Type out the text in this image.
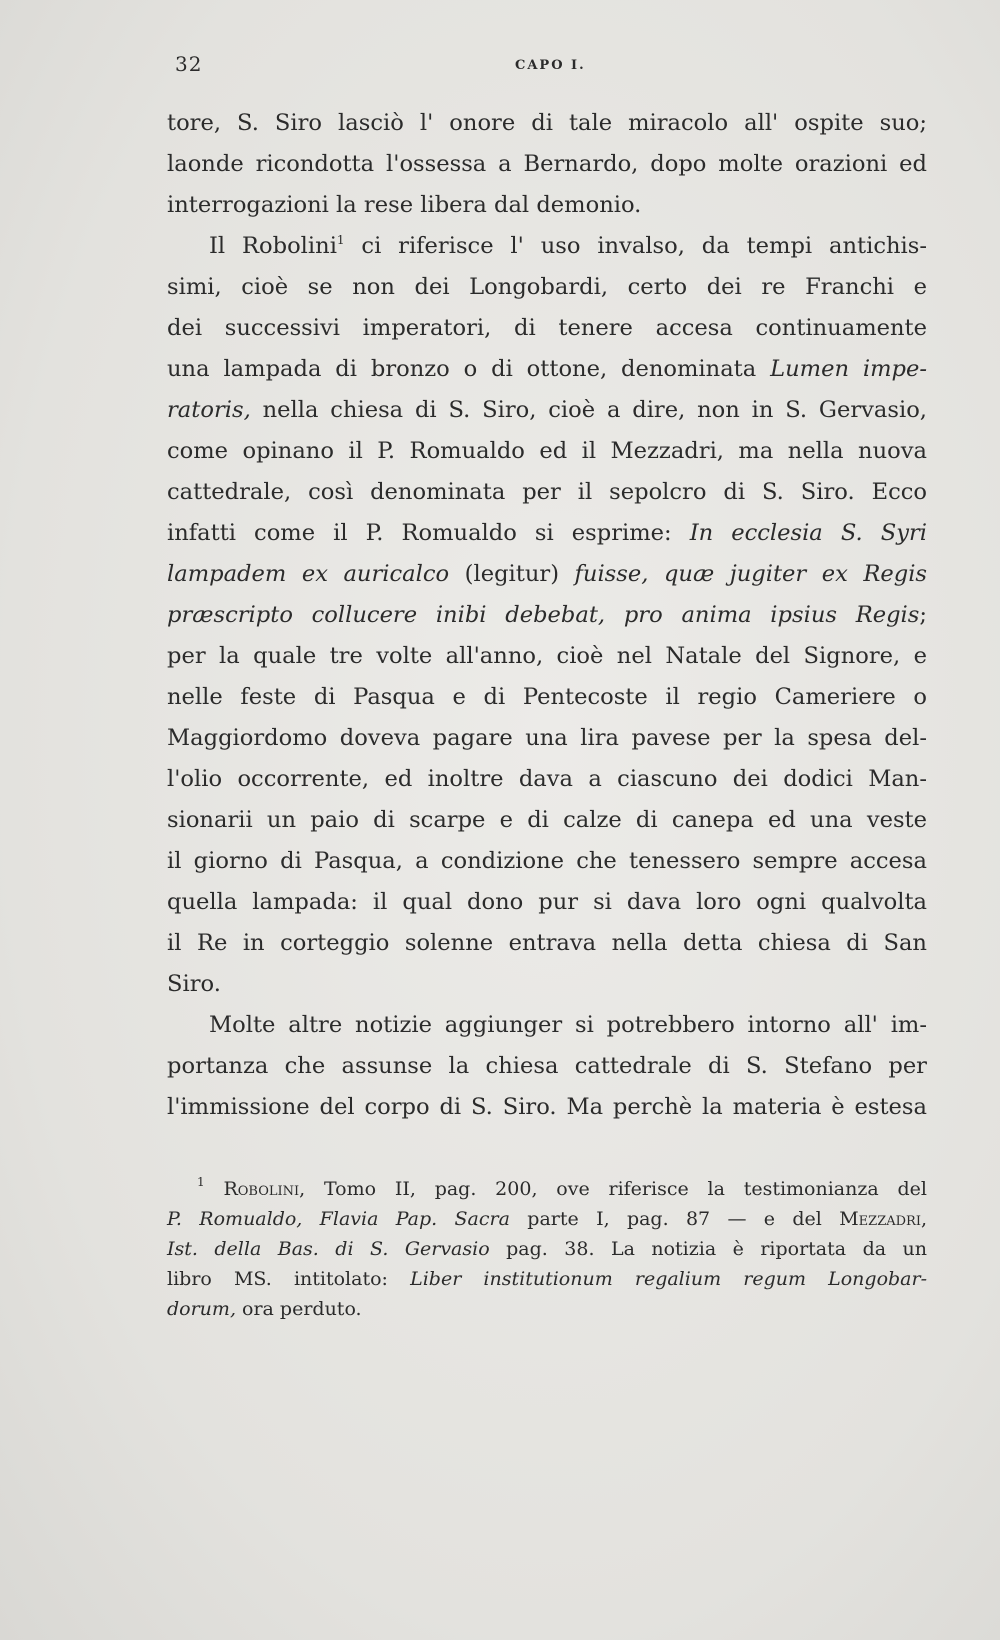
32	CAPO I.
tore, S. Siro lasciò l' onore di tale miracolo all' ospite suo;
laonde ricondotta l'ossessa a Bernardo, dopo molte orazioni ed
interrogazioni la rese libera dal demonio.
Il Robolini$^1$ ci riferisce l' uso invalso, da tempi antichis-
simi, cioè se non dei Longobardi, certo dei re Franchi e
dei successivi imperatori, di tenere accesa continuamente
una lampada di bronzo o di ottone, denominata Lumen impe-
ratoris, nella chiesa di S. Siro, cioè a dire, non in S. Gervasio,
come opinano il P. Romualdo ed il Mezzadri, ma nella nuova
cattedrale, così denominata per il sepolcro di S. Siro. Ecco
infatti come il P. Romualdo si esprime: In ecclesia S. Syri
lampadem ex auricalco (legitur) fuisse, quæ jugiter ex Regis
præscripto collucere inibi debebat, pro anima ipsius Regis;
per la quale tre volte all'anno, cioè nel Natale del Signore, e
nelle feste di Pasqua e di Pentecoste il regio Cameriere o
Maggiordomo doveva pagare una lira pavese per la spesa del-
l'olio occorrente, ed inoltre dava a ciascuno dei dodici Man-
sionarii un paio di scarpe e di calze di canepa ed una veste
il giorno di Pasqua, a condizione che tenessero sempre accesa
quella lampada: il qual dono pur si dava loro ogni qualvolta
il Re in corteggio solenne entrava nella detta chiesa di San
Siro.
Molte altre notizie aggiunger si potrebbero intorno all' im-
portanza che assunse la chiesa cattedrale di S. Stefano per
l'immissione del corpo di S. Siro. Ma perchè la materia è estesa
$^1$ Robolini, Tomo II, pag. 200, ove riferisce la testimonianza del
P. Romualdo, Flavia Pap. Sacra parte I, pag. 87 — e del Mezzadri,
Ist. della Bas. di S. Gervasio pag. 38. La notizia è riportata da un
libro MS. intitolato: Liber institutionum regalium regum Longobar-
dorum, ora perduto.
